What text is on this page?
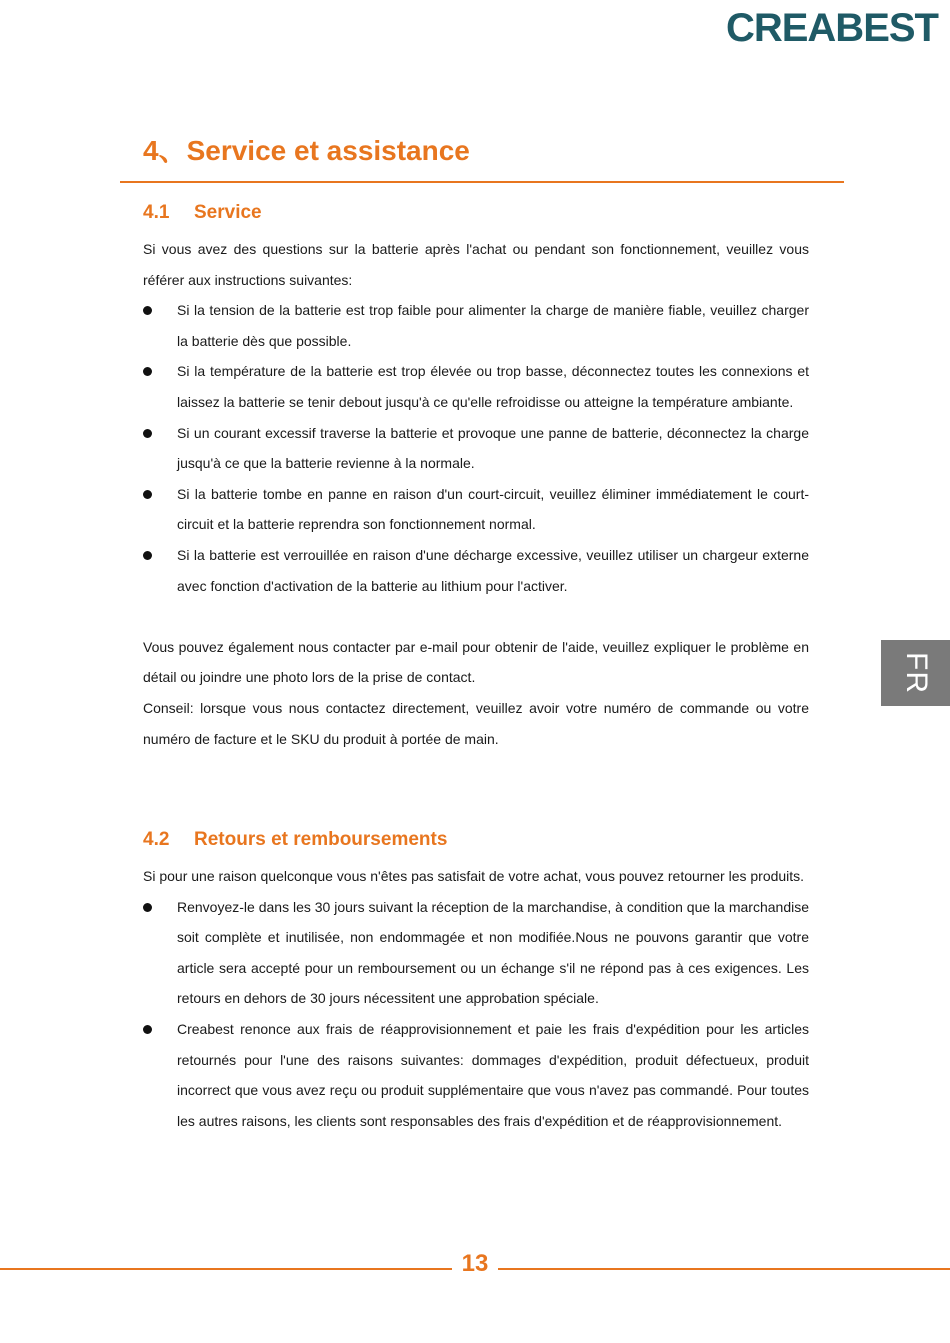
CREABEST
4、Service et assistance
4.1 Service

Si vous avez des questions sur la batterie après l'achat ou pendant son fonctionnement, veuillez vous référer aux instructions suivantes:

Si la tension de la batterie est trop faible pour alimenter la charge de manière fiable, veuillez charger la batterie dès que possible.
Si la température de la batterie est trop élevée ou trop basse, déconnectez toutes les connexions et laissez la batterie se tenir debout jusqu'à ce qu'elle refroidisse ou atteigne la température ambiante.
Si un courant excessif traverse la batterie et provoque une panne de batterie, déconnectez la charge jusqu'à ce que la batterie revienne à la normale.
Si la batterie tombe en panne en raison d'un court-circuit, veuillez éliminer immédiatement le court-circuit et la batterie reprendra son fonctionnement normal.
Si la batterie est verrouillée en raison d'une décharge excessive, veuillez utiliser un chargeur externe avec fonction d'activation de la batterie au lithium pour l'activer.

Vous pouvez également nous contacter par e-mail pour obtenir de l'aide, veuillez expliquer le problème en détail ou joindre une photo lors de la prise de contact.

Conseil: lorsque vous nous contactez directement, veuillez avoir votre numéro de commande ou votre numéro de facture et le SKU du produit à portée de main.

4.2 Retours et remboursements

Si pour une raison quelconque vous n'êtes pas satisfait de votre achat, vous pouvez retourner les produits.

Renvoyez-le dans les 30 jours suivant la réception de la marchandise, à condition que la marchandise soit complète et inutilisée, non endommagée et non modifiée.Nous ne pouvons garantir que votre article sera accepté pour un remboursement ou un échange s'il ne répond pas à ces exigences. Les retours en dehors de 30 jours nécessitent une approbation spéciale.
Creabest renonce aux frais de réapprovisionnement et paie les frais d'expédition pour les articles retournés pour l'une des raisons suivantes: dommages d'expédition, produit défectueux, produit incorrect que vous avez reçu ou produit supplémentaire que vous n'avez pas commandé. Pour toutes les autres raisons, les clients sont responsables des frais d'expédition et de réapprovisionnement.
FR
13
